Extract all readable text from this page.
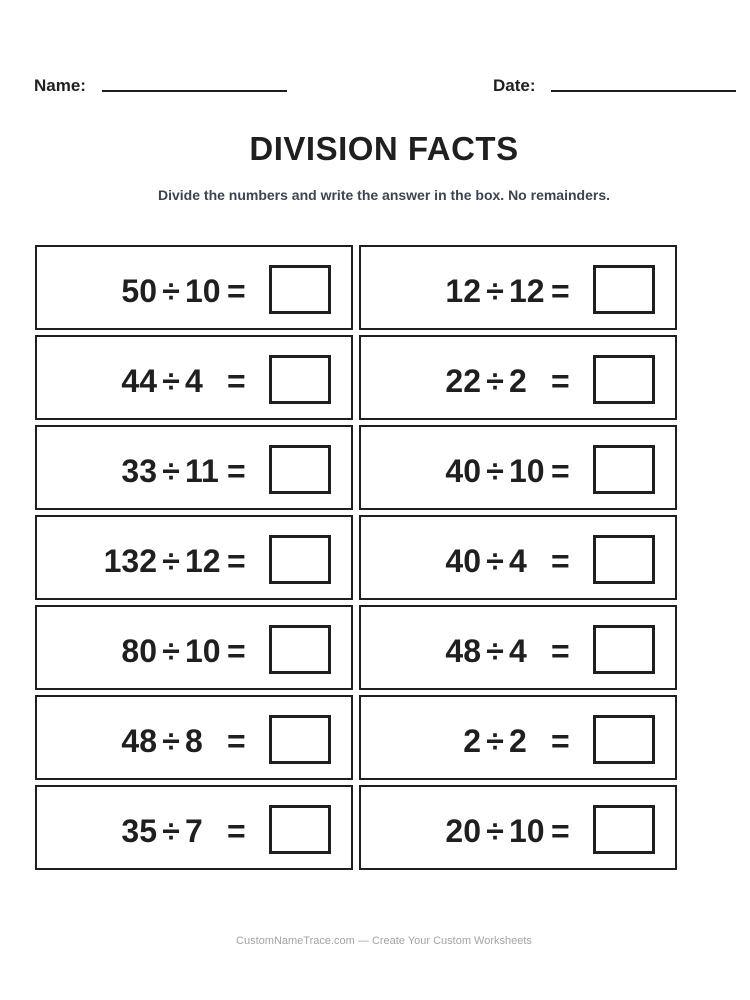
Name:	Date:
DIVISION FACTS
Divide the numbers and write the answer in the box. No remainders.
50 ÷ 10 =	12 ÷ 12 =
44 ÷ 4 =	22 ÷ 2 =
33 ÷ 11 =	40 ÷ 10 =
132 ÷ 12 =	40 ÷ 4 =
80 ÷ 10 =	48 ÷ 4 =
48 ÷ 8 =	2 ÷ 2 =
35 ÷ 7 =	20 ÷ 10 =
CustomNameTrace.com — Create Your Custom Worksheets
